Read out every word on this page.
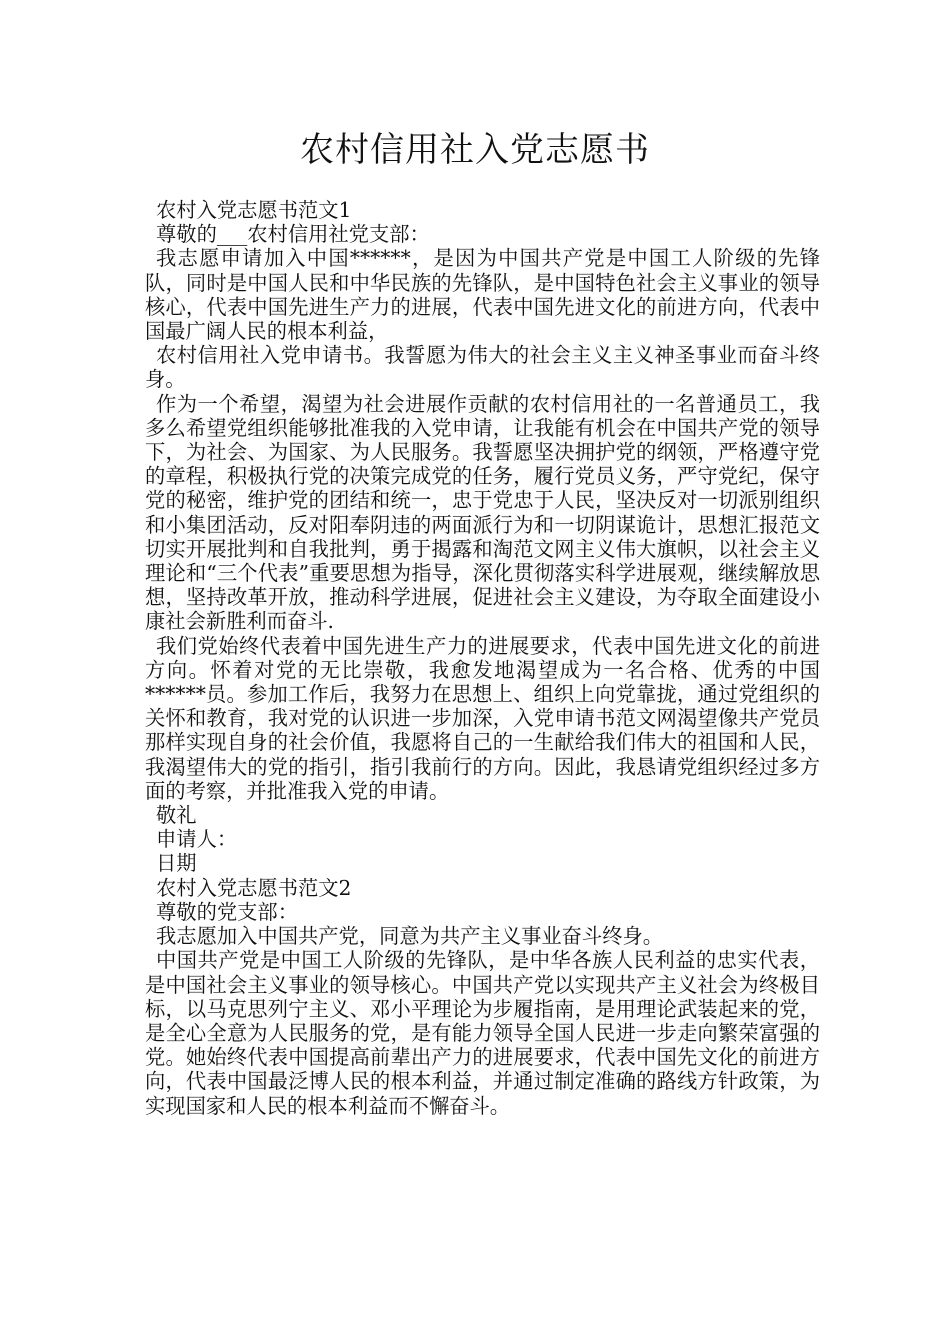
农村信用社入党志愿书

农村入党志愿书范文1

尊敬的___农村信用社党支部：

我志愿申请加入中国******，是因为中国共产党是中国工人阶级的先锋队，同时是中国人民和中华民族的先锋队，是中国特色社会主义事业的领导核心，代表中国先进生产力的进展，代表中国先进文化的前进方向，代表中国最广阔人民的根本利益，

农村信用社入党申请书。我誓愿为伟大的社会主义主义神圣事业而奋斗终身。

作为一个希望，渴望为社会进展作贡献的农村信用社的一名普通员工，我多么希望党组织能够批准我的入党申请，让我能有机会在中国共产党的领导下，为社会、为国家、为人民服务。我誓愿坚决拥护党的纲领，严格遵守党的章程，积极执行党的决策完成党的任务，履行党员义务，严守党纪，保守党的秘密，维护党的团结和统一，忠于党忠于人民，坚决反对一切派别组织和小集团活动，反对阳奉阴违的两面派行为和一切阴谋诡计，思想汇报范文切实开展批判和自我批判，勇于揭露和淘范文网主义伟大旗帜，以社会主义理论和“三个代表”重要思想为指导，深化贯彻落实科学进展观，继续解放思想，坚持改革开放，推动科学进展，促进社会主义建设，为夺取全面建设小康社会新胜利而奋斗.

我们党始终代表着中国先进生产力的进展要求，代表中国先进文化的前进方向。怀着对党的无比崇敬，我愈发地渴望成为一名合格、优秀的中国******员。参加工作后，我努力在思想上、组织上向党靠拢，通过党组织的关怀和教育，我对党的认识进一步加深，入党申请书范文网渴望像共产党员那样实现自身的社会价值，我愿将自己的一生献给我们伟大的祖国和人民，我渴望伟大的党的指引，指引我前行的方向。因此，我恳请党组织经过多方面的考察，并批准我入党的申请。

敬礼

申请人：

日期

农村入党志愿书范文2

尊敬的党支部：

我志愿加入中国共产党，同意为共产主义事业奋斗终身。

中国共产党是中国工人阶级的先锋队，是中华各族人民利益的忠实代表，是中国社会主义事业的领导核心。中国共产党以实现共产主义社会为终极目标，以马克思列宁主义、邓小平理论为步履指南，是用理论武装起来的党，是全心全意为人民服务的党，是有能力领导全国人民进一步走向繁荣富强的党。她始终代表中国提高前辈出产力的进展要求，代表中国先文化的前进方向，代表中国最泛博人民的根本利益，并通过制定准确的路线方针政策，为实现国家和人民的根本利益而不懈奋斗。
